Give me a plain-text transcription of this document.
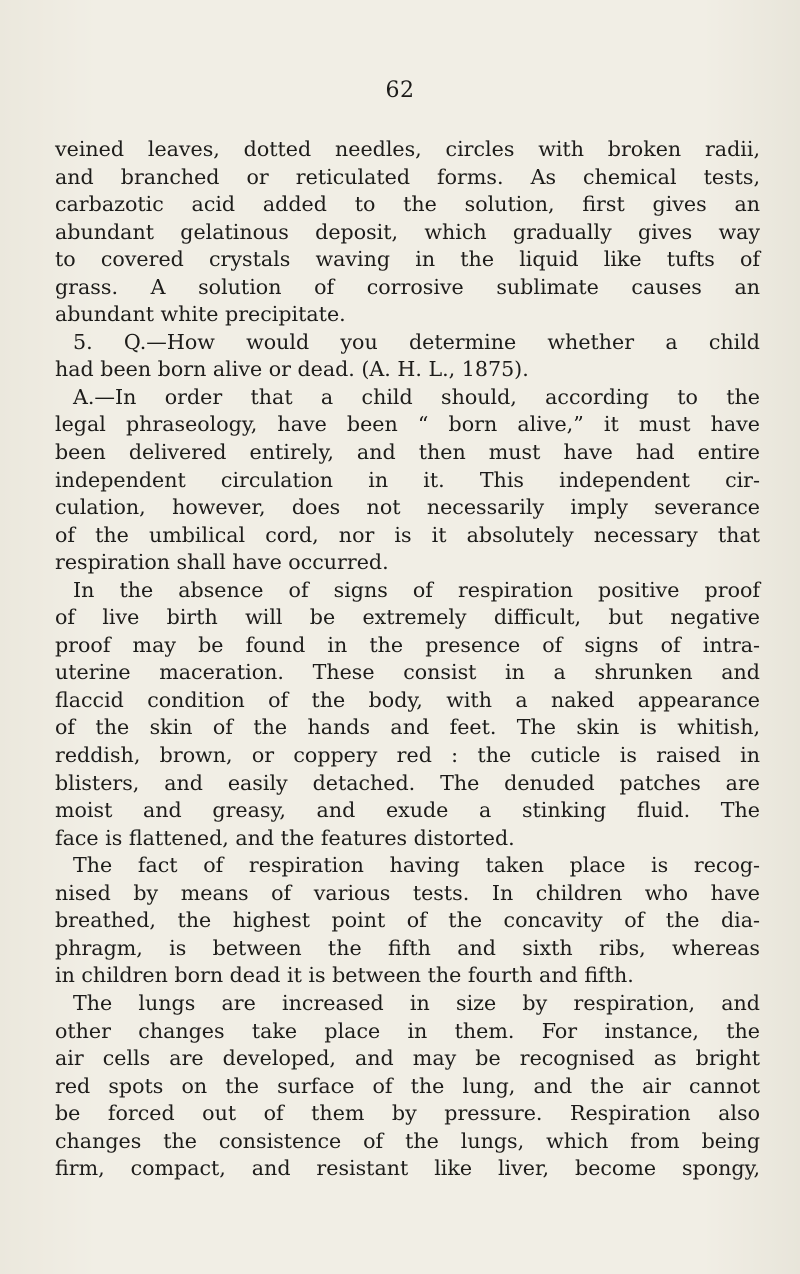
62
veined leaves, dotted needles, circles with broken radii,
and branched or reticulated forms. As chemical tests,
carbazotic acid added to the solution, first gives an
abundant gelatinous deposit, which gradually gives way
to covered crystals waving in the liquid like tufts of
grass. A solution of corrosive sublimate causes an
abundant white precipitate.
5. Q.—How would you determine whether a child
had been born alive or dead. (A. H. L., 1875).
A.—In order that a child should, according to the
legal phraseology, have been “ born alive,” it must have
been delivered entirely, and then must have had entire
independent circulation in it. This independent cir-
culation, however, does not necessarily imply severance
of the umbilical cord, nor is it absolutely necessary that
respiration shall have occurred.
In the absence of signs of respiration positive proof
of live birth will be extremely difficult, but negative
proof may be found in the presence of signs of intra-
uterine maceration. These consist in a shrunken and
flaccid condition of the body, with a naked appearance
of the skin of the hands and feet. The skin is whitish,
reddish, brown, or coppery red : the cuticle is raised in
blisters, and easily detached. The denuded patches are
moist and greasy, and exude a stinking fluid. The
face is flattened, and the features distorted.
The fact of respiration having taken place is recog-
nised by means of various tests. In children who have
breathed, the highest point of the concavity of the dia-
phragm, is between the fifth and sixth ribs, whereas
in children born dead it is between the fourth and fifth.
The lungs are increased in size by respiration, and
other changes take place in them. For instance, the
air cells are developed, and may be recognised as bright
red spots on the surface of the lung, and the air cannot
be forced out of them by pressure. Respiration also
changes the consistence of the lungs, which from being
firm, compact, and resistant like liver, become spongy,
